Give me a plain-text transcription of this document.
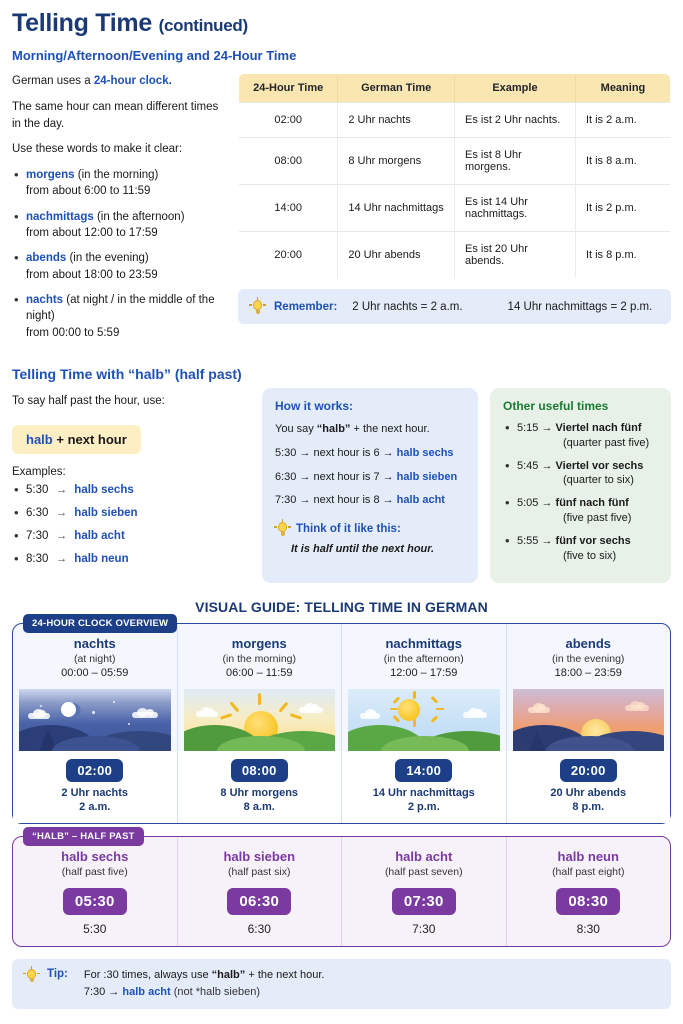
Telling Time (continued)
Morning/Afternoon/Evening and 24-Hour Time
German uses a 24-hour clock.
The same hour can mean different times in the day.
Use these words to make it clear:
• morgens (in the morning)
from about 6:00 to 11:59
• nachmittags (in the afternoon)
from about 12:00 to 17:59
• abends (in the evening)
from about 18:00 to 23:59
• nachts (at night / in the middle of the night)
from 00:00 to 5:59
24-Hour Time	German Time	Example	Meaning
02:00	2 Uhr nachts	Es ist 2 Uhr nachts.	It is 2 a.m.
08:00	8 Uhr morgens	Es ist 8 Uhr morgens.	It is 8 a.m.
14:00	14 Uhr nachmittags	Es ist 14 Uhr nachmittags.	It is 2 p.m.
20:00	20 Uhr abends	Es ist 20 Uhr abends.	It is 8 p.m.
Remember: 2 Uhr nachts = 2 a.m.	14 Uhr nachmittags = 2 p.m.
Telling Time with “halb” (half past)
To say half past the hour, use:
halb + next hour
Examples:
• 5:30 → halb sechs
• 6:30 → halb sieben
• 7:30 → halb acht
• 8:30 → halb neun
How it works:
You say “halb” + the next hour.
5:30 → next hour is 6 → halb sechs
6:30 → next hour is 7 → halb sieben
7:30 → next hour is 8 → halb acht
Think of it like this:
It is half until the next hour.
Other useful times
• 5:15 → Viertel nach fünf
(quarter past five)
• 5:45 → Viertel vor sechs
(quarter to six)
• 5:05 → fünf nach fünf
(five past five)
• 5:55 → fünf vor sechs
(five to six)
VISUAL GUIDE: TELLING TIME IN GERMAN
24-HOUR CLOCK OVERVIEW
nachts
(at night)
00:00 – 05:59
02:00
2 Uhr nachts
2 a.m.
morgens
(in the morning)
06:00 – 11:59
08:00
8 Uhr morgens
8 a.m.
nachmittags
(in the afternoon)
12:00 – 17:59
14:00
14 Uhr nachmittags
2 p.m.
abends
(in the evening)
18:00 – 23:59
20:00
20 Uhr abends
8 p.m.
“HALB” – HALF PAST
halb sechs
(half past five)
05:30
5:30
halb sieben
(half past six)
06:30
6:30
halb acht
(half past seven)
07:30
7:30
halb neun
(half past eight)
08:30
8:30
Tip: For :30 times, always use “halb” + the next hour.
7:30 → halb acht (not *halb sieben)
